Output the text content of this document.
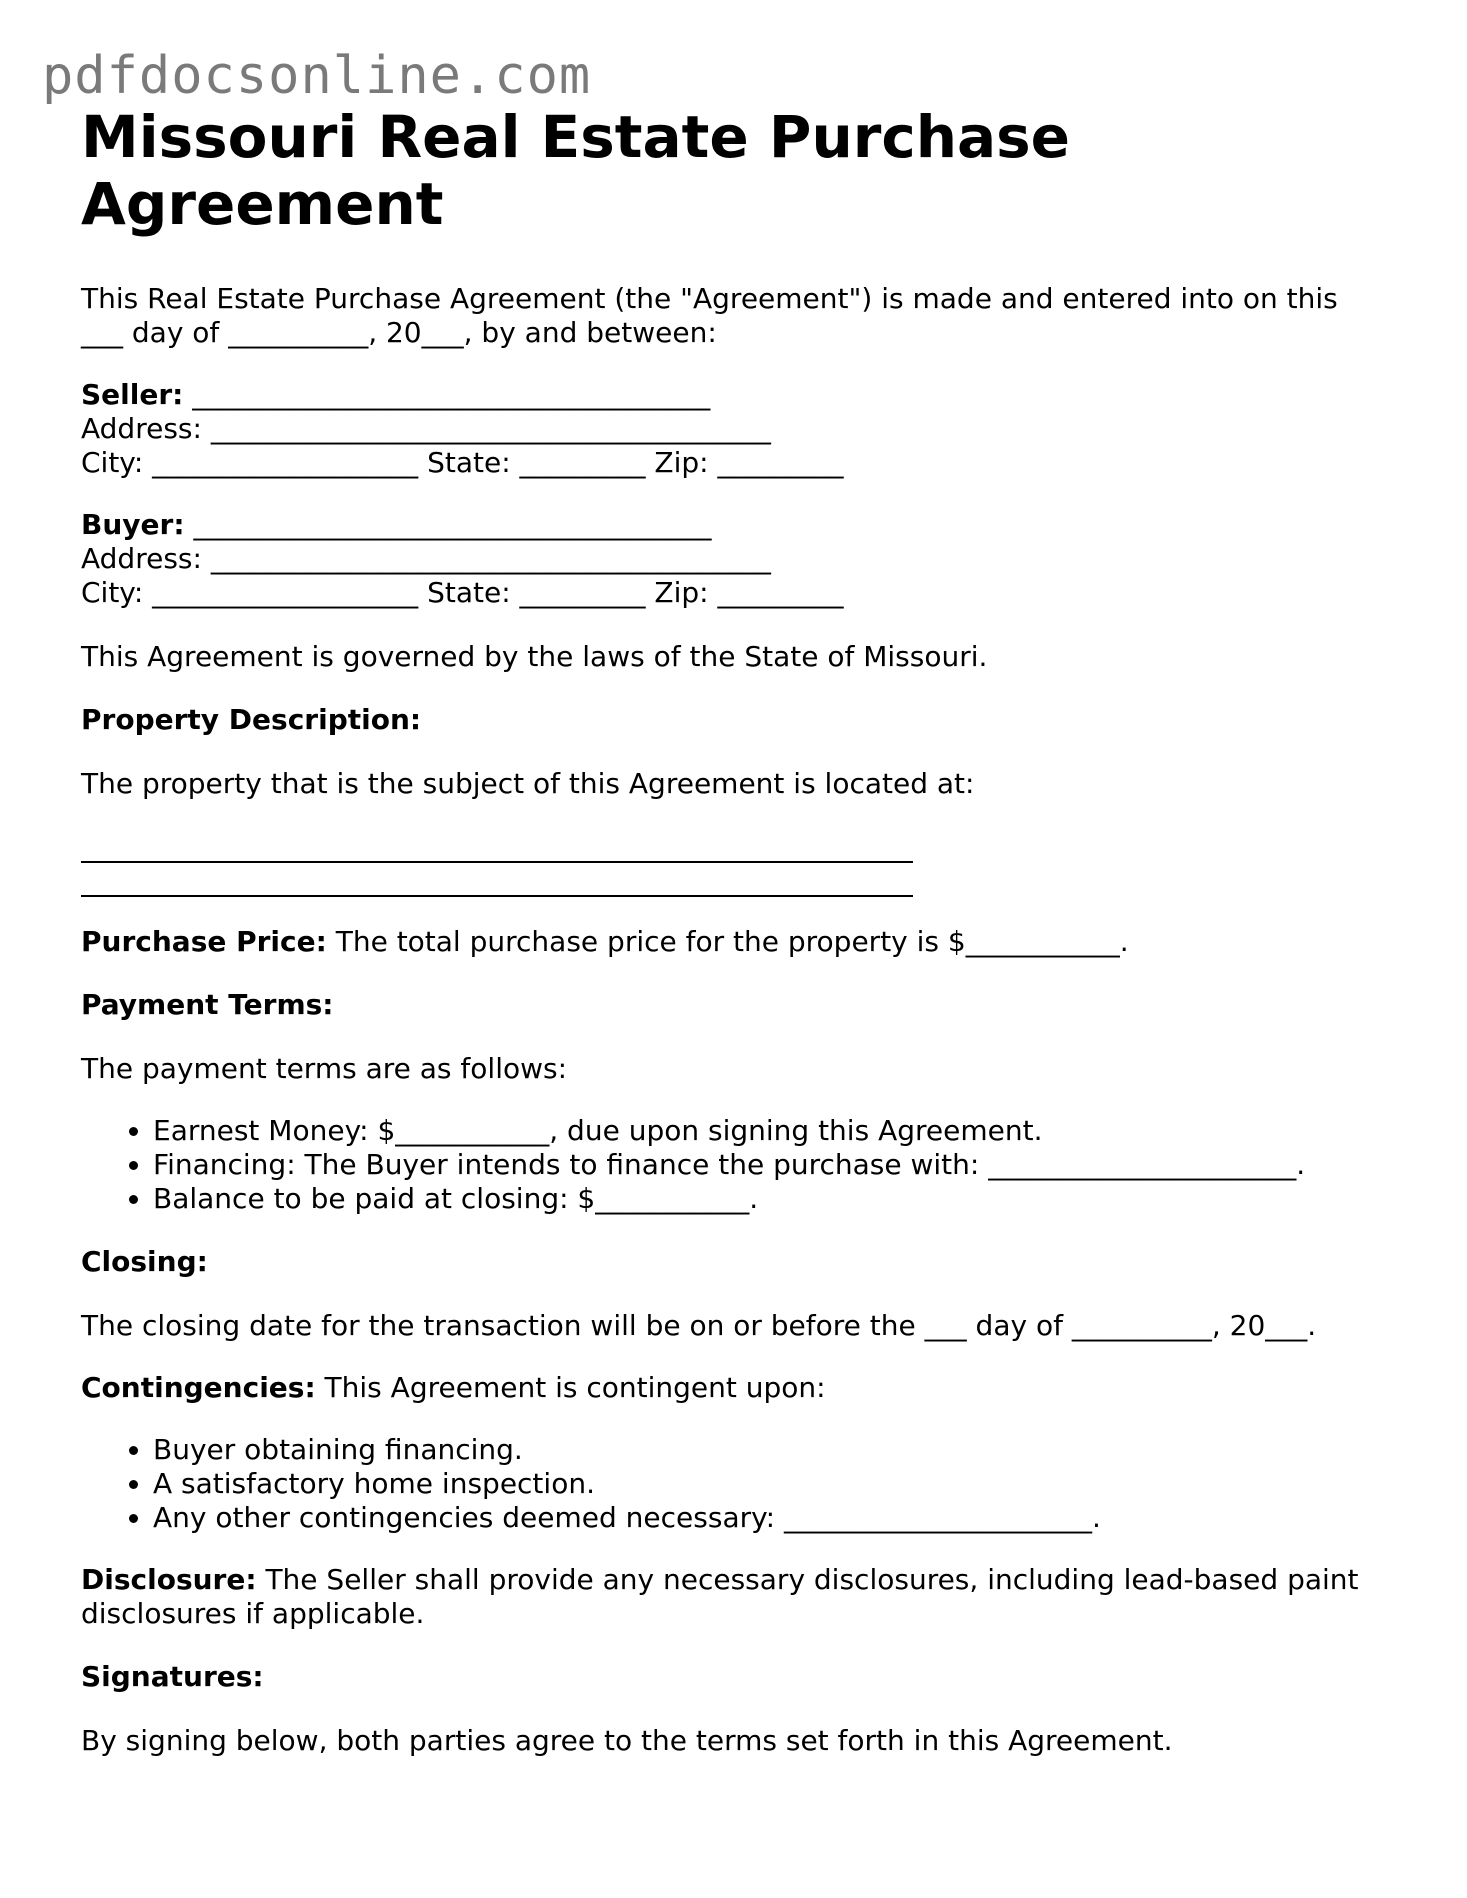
pdfdocsonline.com
Missouri Real Estate Purchase Agreement
This Real Estate Purchase Agreement (the "Agreement") is made and entered into on this
___ day of __________, 20___, by and between:
Seller: _____________________________________
Address: ________________________________________
City: ___________________ State: _________ Zip: _________
Buyer: _____________________________________
Address: ________________________________________
City: ___________________ State: _________ Zip: _________

This Agreement is governed by the laws of the State of Missouri.

Property Description:

The property that is the subject of this Agreement is located at:

Purchase Price: The total purchase price for the property is $___________.

Payment Terms:

The payment terms are as follows:

• Earnest Money: $___________, due upon signing this Agreement.
• Financing: The Buyer intends to finance the purchase with: ______________________.
• Balance to be paid at closing: $___________.

Closing:

The closing date for the transaction will be on or before the ___ day of __________, 20___.

Contingencies: This Agreement is contingent upon:

• Buyer obtaining financing.
• A satisfactory home inspection.
• Any other contingencies deemed necessary: ______________________.

Disclosure: The Seller shall provide any necessary disclosures, including lead-based paint disclosures if applicable.

Signatures:

By signing below, both parties agree to the terms set forth in this Agreement.
